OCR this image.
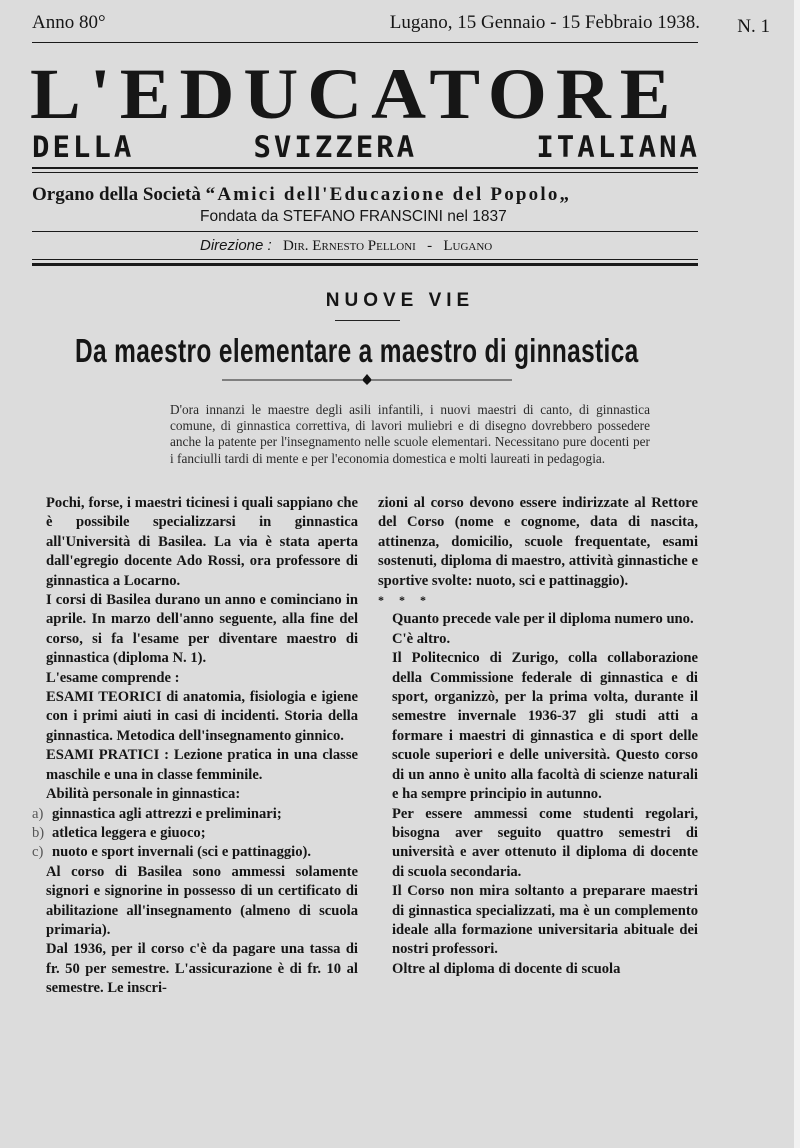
Anno 80°	Lugano, 15 Gennaio - 15 Febbraio 1938. N. 1
L'EDUCATORE
DELLA	SVIZZERA	ITALIANA
Organo della Società “Amici dell'Educazione del Popolo„
Fondata da STEFANO FRANSCINI nel 1837
Direzione : Dir. Ernesto Pelloni - Lugano
NUOVE VIE
Da maestro elementare a maestro di ginnastica
D'ora innanzi le maestre degli asili infantili, i nuovi maestri di canto, di ginnastica comune, di ginnastica correttiva, di lavori muliebri e di disegno dovrebbero possedere anche la patente per l'insegnamento nelle scuole elementari. Necessitano pure docenti per i fanciulli tardi di mente e per l'economia domestica e molti laureati in pedagogia.

Pochi, forse, i maestri ticinesi i quali sappiano che è possibile specializzarsi in ginnastica all'Università di Basilea. La via è stata aperta dall'egregio docente Ado Rossi, ora professore di ginnastica a Locarno.

I corsi di Basilea durano un anno e cominciano in aprile. In marzo dell'anno seguente, alla fine del corso, si fa l'esame per diventare maestro di ginnastica (diploma N. 1).

L'esame comprende :

ESAMI TEORICI di anatomia, fisiologia e igiene con i primi aiuti in casi di incidenti. Storia della ginnastica. Metodica dell'insegnamento ginnico.

ESAMI PRATICI : Lezione pratica in una classe maschile e una in classe femminile.

Abilità personale in ginnastica:

a) ginnastica agli attrezzi e preliminari;
b) atletica leggera e giuoco;
c) nuoto e sport invernali (sci e pattinaggio).

Al corso di Basilea sono ammessi solamente signori e signorine in possesso di un certificato di abilitazione all'insegnamento (almeno di scuola primaria).

Dal 1936, per il corso c'è da pagare una tassa di fr. 50 per semestre. L'assicurazione è di fr. 10 al semestre. Le inscri-

zioni al corso devono essere indirizzate al Rettore del Corso (nome e cognome, data di nascita, attinenza, domicilio, scuole frequentate, esami sostenuti, diploma di maestro, attività ginnastiche e sportive svolte: nuoto, sci e pattinaggio).

* * *

Quanto precede vale per il diploma numero uno.

C'è altro.

Il Politecnico di Zurigo, colla collaborazione della Commissione federale di ginnastica e di sport, organizzò, per la prima volta, durante il semestre invernale 1936-37 gli studi atti a formare i maestri di ginnastica e di sport delle scuole superiori e delle università. Questo corso di un anno è unito alla facoltà di scienze naturali e ha sempre principio in autunno.

Per essere ammessi come studenti regolari, bisogna aver seguito quattro semestri di università e aver ottenuto il diploma di docente di scuola secondaria.

Il Corso non mira soltanto a preparare maestri di ginnastica specializzati, ma è un complemento ideale alla formazione universitaria abituale dei nostri professori.

Oltre al diploma di docente di scuola
